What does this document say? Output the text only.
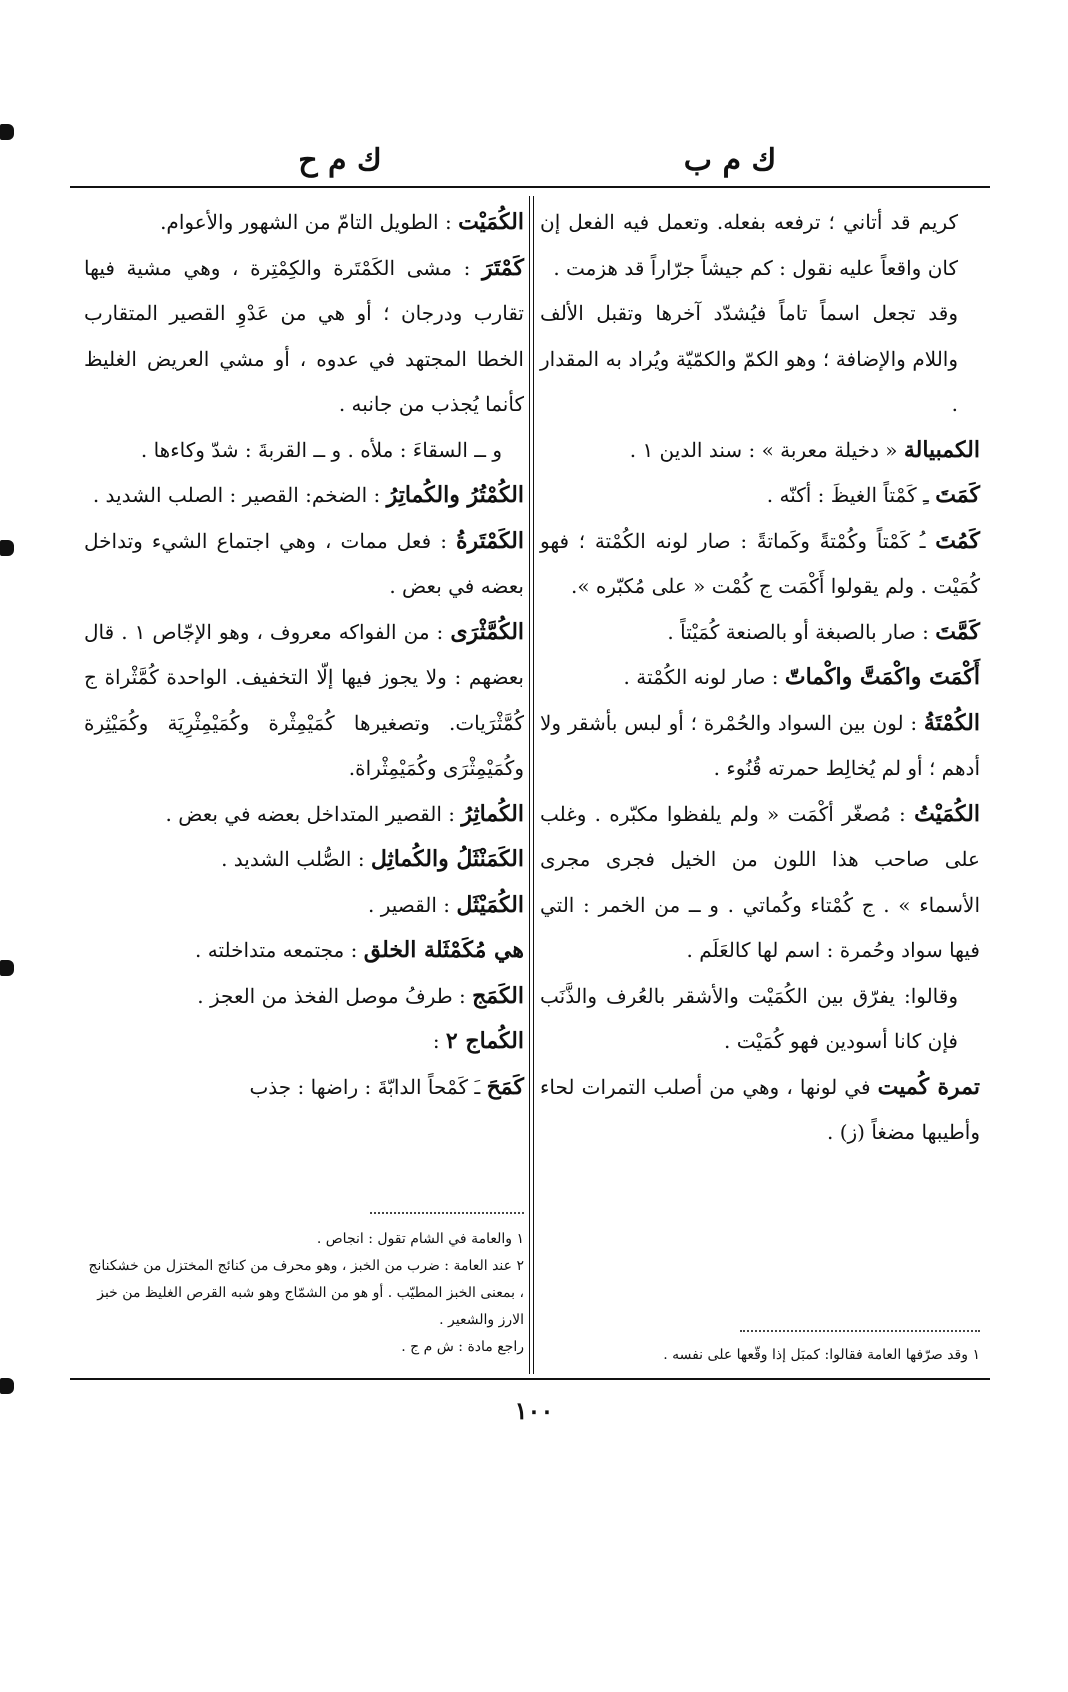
ك م ب
ك م ح

كريم قد أتاني ؛ ترفعه بفعله. وتعمل فيه الفعل إن كان واقعاً عليه نقول : كم جيشاً جرّاراً قد هزمت .

وقد تجعل اسماً تاماً فيُشدّد آخرها وتقبل الألف واللام والإضافة ؛ وهو الكمّ والكمّيّة ويُراد به المقدار .

الكمبيالة « دخيلة معربة » : سند الدين ١ .

كَمَتَ ـِ كَمْتاً الغيظَ : أكنّه .

كَمُتَ ـُ كَمْتاً وكُمْتةً وكَماتةً : صار لونه الكُمْتة ؛ فهو كُمَيْت . ولم يقولوا أَكْمَت ج كُمْت « على مُكبّره ».

كَمَّتَ : صار بالصبغة أو بالصنعة كُمَيْتاً .

أَكْمَتَ واكْمَتَّ واكْماتّ : صار لونه الكُمْتة .

الكُمْتَةُ : لون بين السواد والحُمْرة ؛ أو لبس بأشقر ولا أدهم ؛ أو لم يُخالِط حمرته قُنُوء .

الكُمَيْتُ : مُصغّر أكْمَت « ولم يلفظوا مكبّره . وغلب على صاحب هذا اللون من الخيل فجرى مجرى الأسماء » . ج كُمْتاء وكُماتي . و ــ من الخمر : التي فيها سواد وحُمرة : اسم لها كالعَلَم .

وقالوا: يفرّق بين الكُمَيْت والأشقر بالعُرف والذَّنَب فإن كانا أسودين فهو كُمَيْت .

تمرة كُميت في لونها ، وهي من أصلب التمرات لحاء وأطيبها مضغاً (ز) .

الكُمَيْت : الطويل التامّ من الشهور والأعوام.

كَمْتَرَ : مشى الكَمْتَرة والكِمْتِرة ، وهي مشية فيها تقارب ودرجان ؛ أو هي من عَدْوِ القصير المتقارب الخطا المجتهد في عدوه ، أو مشي العريض الغليظ كأنما يُجذب من جانبه .

و ــ السقاءَ : ملأه . و ــ القربةَ : شدّ وكاءها .

الكُمْتُرُ والكُماتِرُ : الضخم: القصير : الصلب الشديد .

الكَمْتَرةُ : فعل ممات ، وهي اجتماع الشيء وتداخل بعضه في بعض .

الكُمَّثْرَى : من الفواكه معروف ، وهو الإجّاص ١ . قال بعضهم : ولا يجوز فيها إلّا التخفيف. الواحدة كُمَّثْراة ج كُمَّثْرَيات. وتصغيرها كُمَيْمِثْرة وكُمَيْمِثْرِيَة وكُمَيْثِرة وكُمَيْمِثْرَى وكُمَيْمِثْراة.

الكُماثِرُ : القصير المتداخل بعضه في بعض .

الكَمَنْثَلُ والكُماثِل : الصُّلب الشديد .

الكُمَيْثَل : القصير .

هي مُكَمْثَلة الخلق : مجتمعه متداخلته .

الكَمَج : طرفُ موصل الفخذ من العجز .

الكُماج ٢ :

كَمَحَ ـَ كَمْحاً الدابّةَ : راضها : جذب

١ والعامة في الشام تقول : انجاص .

٢ عند العامة : ضرب من الخبز ، وهو محرف من كنائج المختزل من خشكنانج ، بمعنى الخبز المطيّب . أو هو من الشمّاج وهو شبه القرص الغليظ من خبز الارز والشعير .

راجع مادة : ش م ج .	١ وقد صرّفها العامة فقالوا: كمبَل إذا وقّعها على نفسه .

١٠٠
